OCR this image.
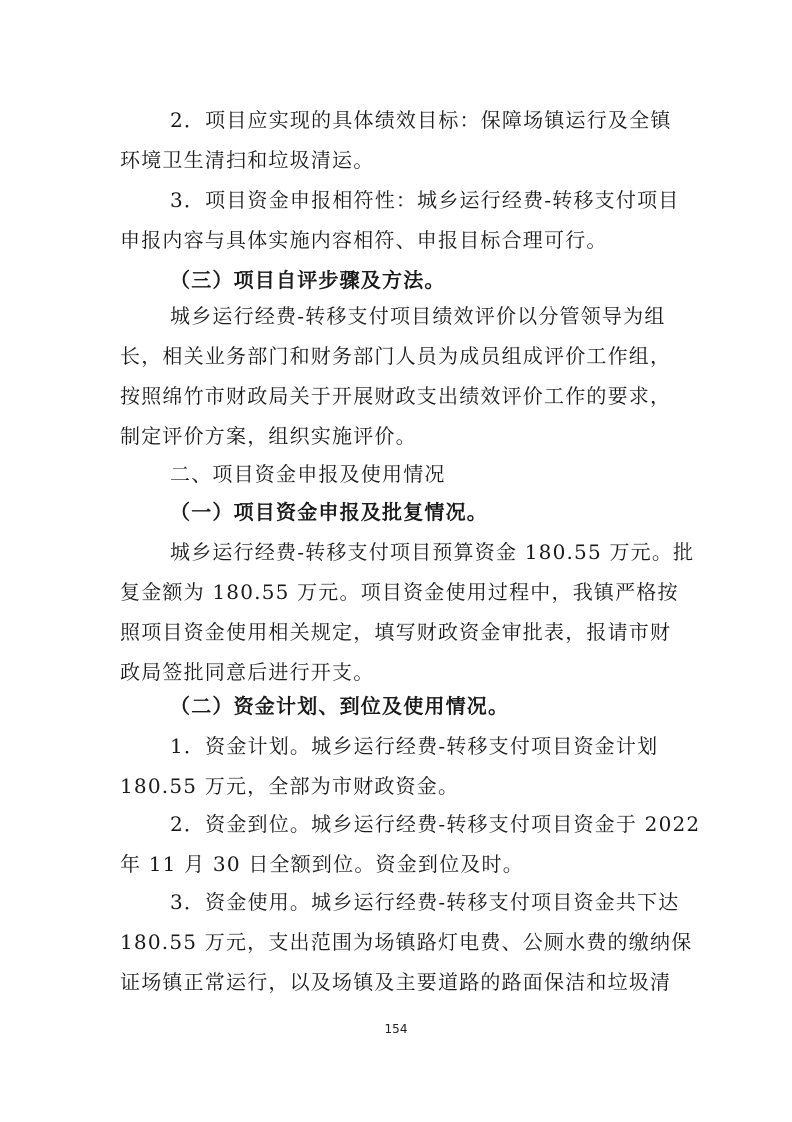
2．项目应实现的具体绩效目标：保障场镇运行及全镇
环境卫生清扫和垃圾清运。

3．项目资金申报相符性：城乡运行经费-转移支付项目
申报内容与具体实施内容相符、申报目标合理可行。

（三）项目自评步骤及方法。

城乡运行经费-转移支付项目绩效评价以分管领导为组
长，相关业务部门和财务部门人员为成员组成评价工作组，
按照绵竹市财政局关于开展财政支出绩效评价工作的要求，
制定评价方案，组织实施评价。

二、项目资金申报及使用情况

（一）项目资金申报及批复情况。

城乡运行经费-转移支付项目预算资金 180.55 万元。批
复金额为 180.55 万元。项目资金使用过程中，我镇严格按
照项目资金使用相关规定，填写财政资金审批表，报请市财
政局签批同意后进行开支。

（二）资金计划、到位及使用情况。

1．资金计划。城乡运行经费-转移支付项目资金计划
180.55 万元，全部为市财政资金。

2．资金到位。城乡运行经费-转移支付项目资金于 2022
年 11 月 30 日全额到位。资金到位及时。

3．资金使用。城乡运行经费-转移支付项目资金共下达
180.55 万元，支出范围为场镇路灯电费、公厕水费的缴纳保
证场镇正常运行，以及场镇及主要道路的路面保洁和垃圾清

154
